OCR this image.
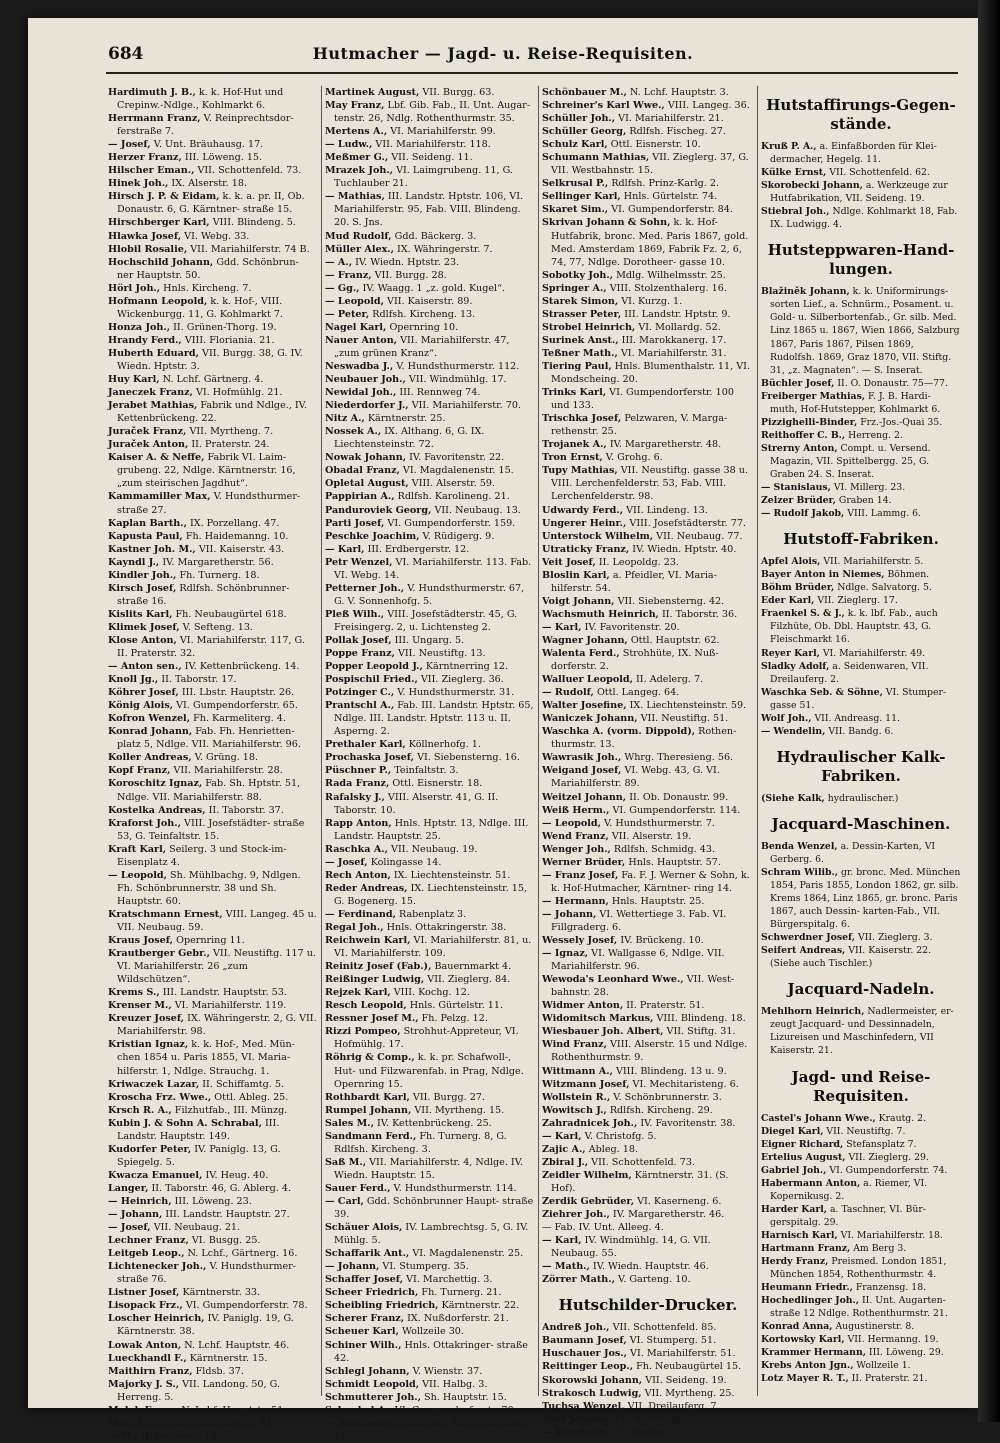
684	Hutmacher — Jagd- u. Reise-Requisiten.

Hardimuth J. B., k. k. Hof-Hut und Crepinw.-Ndlge., Kohlmarkt 6.

Herrmann Franz, V. Reinprechtsdor- ferstraße 7.

— Josef, V. Unt. Bräuhausg. 17.

Herzer Franz, III. Löweng. 15.

Hilscher Eman., VII. Schottenfeld. 73.

Hinek Joh., IX. Alserstr. 18.

Hirsch J. P. & Eidam, k. k. a. pr. II, Ob. Donaustr. 6, G. Kärntner- straße 15.

Hirschberger Karl, VIII. Blindeng. 5.

Hlawka Josef, VI. Webg. 33.

Hlobil Rosalie, VII. Mariahilferstr. 74 B.

Hochschild Johann, Gdd. Schönbrun- ner Hauptstr. 50.

Hörl Joh., Hnls. Kircheng. 7.

Hofmann Leopold, k. k. Hof-, VIII. Wickenburgg. 11, G. Kohlmarkt 7.

Honza Joh., II. Grünen-Thorg. 19.

Hrandy Ferd., VIII. Floriania. 21.

Huberth Eduard, VII. Burgg. 38, G. IV. Wiedn. Hptstr. 3.

Huy Karl, N. Lchf. Gärtnerg. 4.

Janeczek Franz, VI. Hofmühlg. 21.

Jerabet Mathias, Fabrik und Ndlge., IV. Kettenbrückeng. 22.

Juraček Franz, VII. Myrtheng. 7.

Juraček Anton, II. Praterstr. 24.

Kaiser A. & Neffe, Fabrik VI. Laim- grubeng. 22, Ndlge. Kärntnerstr. 16, „zum steirischen Jagdhut“.

Kammamiller Max, V. Hundsthurmer- straße 27.

Kaplan Barth., IX. Porzellang. 47.

Kapusta Paul, Fh. Haidemanng. 10.

Kastner Joh. M., VII. Kaiserstr. 43.

Kayndl J., IV. Margaretherstr. 56.

Kindler Joh., Fh. Turnerg. 18.

Kirsch Josef, Rdlfsh. Schönbrunner- straße 16.

Kislits Karl, Fh. Neubaugürtel 618.

Klimek Josef, V. Sefteng. 13.

Klose Anton, VI. Mariahilferstr. 117, G. II. Praterstr. 32.

— Anton sen., IV. Kettenbrückeng. 14.

Knoll Jg., II. Taborstr. 17.

Köhrer Josef, III. Lbstr. Hauptstr. 26.

König Alois, VI. Gumpendorferstr. 65.

Kofron Wenzel, Fh. Karmeliterg. 4.

Konrad Johann, Fab. Fh. Henrietten- platz 5, Ndlge. VII. Mariahilferstr. 96.

Koller Andreas, V. Grüng. 18.

Kopf Franz, VII. Mariahilferstr. 28.

Koroschitz Ignaz, Fab. Sh. Hptstr. 51, Ndlge. VII. Mariahilferstr. 88.

Kostelka Andreas, II. Taborstr. 37.

Kraforst Joh., VIII. Josefstädter- straße 53, G. Teinfaltstr. 15.

Kraft Karl, Seilerg. 3 und Stock-im- Eisenplatz 4.

— Leopold, Sh. Mühlbachg. 9, Ndlgen. Fh. Schönbrunnerstr. 38 und Sh. Hauptstr. 60.

Kratschmann Ernest, VIII. Langeg. 45 u. VII. Neubaug. 59.

Kraus Josef, Opernring 11.

Krautberger Gebr., VII. Neustiftg. 117 u. VI. Mariahilferstr. 26 „zum Wildschützen“.

Krems S., III. Landstr. Hauptstr. 53.

Krenser M., VI. Mariahilferstr. 119.

Kreuzer Josef, IX. Währingerstr. 2, G. VII. Mariahilferstr. 98.

Kristian Ignaz, k. k. Hof-, Med. Mün- chen 1854 u. Paris 1855, VI. Maria- hilferstr. 1, Ndlge. Strauchg. 1.

Kriwaczek Lazar, II. Schiffamtg. 5.

Kroscha Frz. Wwe., Ottl. Ableg. 25.

Krsch R. A., Filzhutfab., III. Münzg.

Kubin J. & Sohn A. Schrabal, III. Landstr. Hauptstr. 149.

Kudorfer Peter, IV. Paniglg. 13, G. Spiegelg. 5.

Kwacza Emanuel, IV. Heug. 40.

Langer, II. Taborstr. 46, G. Ablerg. 4.

— Heinrich, III. Löweng. 23.

— Johann, III. Landstr. Hauptstr. 27.

— Josef, VII. Neubaug. 21.

Lechner Franz, VI. Busgg. 25.

Leitgeb Leop., N. Lchf., Gärtnerg. 16.

Lichtenecker Joh., V. Hundsthurmer- straße 76.

Listner Josef, Kärntnerstr. 33.

Lisopack Frz., VI. Gumpendorferstr. 78.

Loscher Heinrich, IV. Paniglg. 19, G. Kärntnerstr. 38.

Lowak Anton, N. Lchf. Hauptstr. 46.

Lueckhandl F., Kärntnerstr. 15.

Maithirn Franz, Fldsb. 37.

Majorky J. S., VII. Landong. 50, G. Herreng. 5.

Malek Franz, N. Lchf. Hauptstr. 51.

Maly Jg., V. Hundsthurmerstr. 61.

— M., II. Praterstr. 14.

Martinek August, VII. Burgg. 63.

May Franz, Lbf. Gib. Fab., II. Unt. Augar- tenstr. 26, Ndlg. Rothenthurmstr. 35.

Mertens A., VI. Mariahilferstr. 99.

— Ludw., VII. Mariahilferstr. 118.

Meßmer G., VII. Seideng. 11.

Mrazek Joh., VI. Laimgrubeng. 11, G. Tuchlauber 21.

— Mathias, III. Landstr. Hptstr. 106, VI. Mariahilferstr. 95, Fab. VIII. Blindeng. 20. S. Jns.

Mud Rudolf, Gdd. Bäckerg. 3.

Müller Alex., IX. Währingerstr. 7.

— A., IV. Wiedn. Hptstr. 23.

— Franz, VII. Burgg. 28.

— Gg., IV. Waagg. 1 „z. gold. Kugel“.

— Leopold, VII. Kaiserstr. 89.

— Peter, Rdlfsh. Kircheng. 13.

Nagel Karl, Opernring 10.

Nauer Anton, VII. Mariahilferstr. 47, „zum grünen Kranz“.

Neswadba J., V. Hundsthurmerstr. 112.

Neubauer Joh., VII. Windmühlg. 17.

Newidal Joh., III. Rennweg 74.

Niederdorfer J., VII. Mariahilferstr. 70.

Nitz A., Kärntnerstr. 25.

Nossek A., IX. Althang. 6, G. IX. Liechtensteinstr. 72.

Nowak Johann, IV. Favoritenstr. 22.

Obadal Franz, VI. Magdalenenstr. 15.

Opletal August, VIII. Alserstr. 59.

Pappirian A., Rdlfsh. Karolineng. 21.

Panduroviek Georg, VII. Neubaug. 13.

Parti Josef, VI. Gumpendorferstr. 159.

Peschke Joachim, V. Rüdigerg. 9.

— Karl, III. Erdbergerstr. 12.

Petr Wenzel, VI. Mariahilferstr. 113. Fab. VI. Webg. 14.

Petterner Joh., V. Hundsthurmerstr. 67, G. V. Sonnenhofg. 5.

Pleß Wilh., VIII. Josefstädterstr. 45, G. Freisingerg. 2, u. Lichtensteg 2.

Pollak Josef, III. Ungarg. 5.

Poppe Franz, VII. Neustiftg. 13.

Popper Leopold J., Kärntnerring 12.

Pospischil Fried., VII. Zieglerg. 36.

Potzinger C., V. Hundsthurmerstr. 31.

Prantschl A., Fab. III. Landstr. Hptstr. 65, Ndlge. III. Landstr. Hptstr. 113 u. II. Asperng. 2.

Prethaler Karl, Köllnerhofg. 1.

Prochaska Josef, VI. Siebensterng. 16.

Püschner P., Teinfaltstr. 3.

Rada Franz, Ottl. Eisnerstr. 18.

Rafalsky J., VIII. Alserstr. 41, G. II. Taborstr. 10.

Rapp Anton, Hnls. Hptstr. 13, Ndlge. III. Landstr. Hauptstr. 25.

Raschka A., VII. Neubaug. 19.

— Josef, Kolingasse 14.

Rech Anton, IX. Liechtensteinstr. 51.

Reder Andreas, IX. Liechtensteinstr. 15, G. Bogenerg. 15.

— Ferdinand, Rabenplatz 3.

Regal Joh., Hnls. Ottakringerstr. 38.

Reichwein Karl, VI. Mariahilferstr. 81, u. VI. Mariahilferstr. 109.

Reinitz Josef (Fab.), Bauernmarkt 4.

Reißinger Ludwig, VII. Zieglerg. 84.

Rejzek Karl, VIII. Kochg. 12.

Resch Leopold, Hnls. Gürtelstr. 11.

Ressner Josef M., Fh. Pelzg. 12.

Rizzi Pompeo, Strohhut-Appreteur, VI. Hofmühlg. 17.

Röhrig & Comp., k. k. pr. Schafwoll-, Hut- und Filzwarenfab. in Prag, Ndlge. Opernring 15.

Rothbardt Karl, VII. Burgg. 27.

Rumpel Johann, VII. Myrtheng. 15.

Sales M., IV. Kettenbrückeng. 25.

Sandmann Ferd., Fh. Turnerg. 8, G. Rdlfsh. Kircheng. 3.

Saß M., VII. Mariahilferstr. 4, Ndlge. IV. Wiedn. Hauptstr. 15.

Sauer Ferd., V. Hundsthurmerstr. 114.

— Carl, Gdd. Schönbrunner Haupt- straße 39.

Schäuer Alois, IV. Lambrechtsg. 5, G. IV. Mühlg. 5.

Schaffarik Ant., VI. Magdalenenstr. 25.

— Johann, VI. Stumperg. 35.

Schaffer Josef, VI. Marchettig. 3.

Scheer Friedrich, Fh. Turnerg. 21.

Scheibling Friedrich, Kärntnerstr. 22.

Scherer Franz, IX. Nußdorferstr. 21.

Scheuer Karl, Wollzeile 30.

Schiner Wilh., Hnls. Ottakringer- straße 42.

Schlegl Johann, V. Wienstr. 37.

Schmidt Leopold, VII. Halbg. 3.

Schmutterer Joh., Sh. Hauptstr. 15.

Schnabel A., VI. Gumpendorferstr. 70.

— Alexander, Seitzhütte, VIII. Piaristeng. 41.

Schönbauer M., N. Lchf. Hauptstr. 3.

Schreiner's Karl Wwe., VIII. Langeg. 36.

Schüller Joh., VI. Mariahilferstr. 21.

Schüller Georg, Rdlfsh. Fischeg. 27.

Schulz Karl, Ottl. Eisnerstr. 10.

Schumann Mathias, VII. Zieglerg. 37, G. VII. Westbahnstr. 15.

Selkrusal P., Rdlfsh. Prinz-Karlg. 2.

Sellinger Karl, Hnls. Gürtelstr. 74.

Skaret Sim., VI. Gumpendorferstr. 84.

Skrivan Johann & Sohn, k. k. Hof- Hutfabrik, bronc. Med. Paris 1867, gold. Med. Amsterdam 1869, Fabrik Fz. 2, 6, 74, 77, Ndlge. Dorotheer- gasse 10.

Sobotky Joh., Mdlg. Wilhelmsstr. 25.

Springer A., VIII. Stolzenthalerg. 16.

Starek Simon, VI. Kurzg. 1.

Strasser Peter, III. Landstr. Hptstr. 9.

Strobel Heinrich, VI. Mollardg. 52.

Surinek Anst., III. Marokkanerg. 17.

Teßner Math., VI. Mariahilferstr. 31.

Tiering Paul, Hnls. Blumenthalstr. 11, VI. Mondscheing. 20.

Trinks Karl, VI. Gumpendorferstr. 100 und 133.

Trischka Josef, Pelzwaren, V. Marga- rethenstr. 25.

Trojanek A., IV. Margaretherstr. 48.

Tron Ernst, V. Grohg. 6.

Tupy Mathias, VII. Neustiftg. gasse 38 u. VIII. Lerchenfelderstr. 53, Fab. VIII. Lerchenfelderstr. 98.

Udwardy Ferd., VII. Lindeng. 13.

Ungerer Heinr., VIII. Josefstädterstr. 77.

Unterstock Wilhelm, VII. Neubaug. 77.

Utraticky Franz, IV. Wiedn. Hptstr. 40.

Veit Josef, II. Leopoldg. 23.

Bloslin Karl, a. Pfeidler, VI. Maria- hilferstr. 54.

Voigt Johann, VII. Siebensterng. 42.

Wachsmuth Heinrich, II. Taborstr. 36.

— Karl, IV. Favoritenstr. 20.

Wagner Johann, Ottl. Hauptstr. 62.

Walenta Ferd., Strohhüte, IX. Nuß- dorferstr. 2.

Walluer Leopold, II. Adelerg. 7.

— Rudolf, Ottl. Langeg. 64.

Walter Josefine, IX. Liechtensteinstr. 59.

Waniczek Johann, VII. Neustiftg. 51.

Waschka A. (vorm. Dippold), Rothen- thurmstr. 13.

Wawrasik Joh., Whrg. Theresieng. 56.

Weigand Josef, VI. Webg. 43, G. VI. Mariahilferstr. 89.

Weitzel Johann, II. Ob. Donaustr. 99.

Weiß Herm., VI. Gumpendorferstr. 114.

— Leopold, V. Hundsthurmerstr. 7.

Wend Franz, VII. Alserstr. 19.

Wenger Joh., Rdlfsh. Schmidg. 43.

Werner Brüder, Hnls. Hauptstr. 57.

— Franz Josef, Fa. F. J. Werner & Sohn, k. k. Hof-Hutmacher, Kärntner- ring 14.

— Hermann, Hnls. Hauptstr. 25.

— Johann, VI. Wettertiege 3. Fab. VI. Fillgraderg. 6.

Wessely Josef, IV. Brückeng. 10.

— Ignaz, VI. Wallgasse 6, Ndlge. VII. Mariahilferstr. 96.

Wewoda's Leonhard Wwe., VII. West- bahnstr. 28.

Widmer Anton, II. Praterstr. 51.

Widomitsch Markus, VIII. Blindeng. 18.

Wiesbauer Joh. Albert, VII. Stiftg. 31.

Wind Franz, VIII. Alserstr. 15 und Ndlge. Rothenthurmstr. 9.

Wittmann A., VIII. Blindeng. 13 u. 9.

Witzmann Josef, VI. Mechitaristeng. 6.

Wollstein R., V. Schönbrunnerstr. 3.

Wowitsch J., Rdlfsh. Kircheng. 29.

Zahradnicek Joh., IV. Favoritenstr. 38.

— Karl, V. Christofg. 5.

Zajic A., Ableg. 18.

Zbiral J., VII. Schottenfeld. 73.

Zeidler Wilhelm, Kärntnerstr. 31. (S. Hof).

Zerdik Gebrüder, VI. Kaserneng. 6.

Ziehrer Joh., IV. Margaretherstr. 46.

— Fab. IV. Unt. Alleeg. 4.

— Karl, IV. Windmühlg. 14, G. VII. Neubaug. 55.

— Math., IV. Wiedn. Hauptstr. 46.

Zörrer Math., V. Garteng. 10.

Hutschilder-Drucker.

Andreß Joh., VII. Schottenfeld. 85.

Baumann Josef, VI. Stumperg. 51.

Huschauer Jos., VI. Mariahilferstr. 51.

Reittinger Leop., Fh. Neubaugürtel 15.

Skorowski Johann, VII. Seideng. 19.

Strakosch Ludwig, VII. Myrtheng. 25.

Tuchsa Wenzel, VII. Dreilauferg. 7.

Wolf Johann, VII. Andreasg. 11.

— Wendelin, VII. Bandg. 6.

Hutstaffirungs-Gegen-stände.

Kruß P. A., a. Einfaßborden für Klei- dermacher, Hegelg. 11.

Külke Ernst, VII. Schottenfeld. 62.

Skorobecki Johann, a. Werkzeuge zur Hutfabrikation, VII. Seideng. 19.

Stiebral Joh., Ndlge. Kohlmarkt 18, Fab. IX. Ludwigg. 4.

Hutsteppwaren-Hand-lungen.

Blažiněk Johann, k. k. Uniformirungs- sorten Lief., a. Schnürm., Posament. u. Gold- u. Silberbortenfab., Gr. silb. Med. Linz 1865 u. 1867, Wien 1866, Salzburg 1867, Paris 1867, Pilsen 1869, Rudolfsh. 1869, Graz 1870, VII. Stiftg. 31, „z. Magnaten“. — S. Inserat.

Büchler Josef, II. O. Donaustr. 75—77.

Freiberger Mathias, F. J. B. Hardi- muth, Hof-Hutstepper, Kohlmarkt 6.

Pizzighelli-Binder, Frz.-Jos.-Quai 35.

Reithoffer C. B., Herreng. 2.

Strerny Anton, Compt. u. Versend. Magazin, VII. Spittelbergg. 25, G. Graben 24. S. Inserat.

— Stanislaus, VI. Millerg. 23.

Zelzer Brüder, Graben 14.

— Rudolf Jakob, VIII. Lammg. 6.

Hutstoff-Fabriken.

Apfel Alois, VII. Mariahilferstr. 5.

Bayer Anton in Niemes, Böhmen.

Böhm Brüder, Ndlge. Salvatorg. 5.

Eder Karl, VII. Zieglerg. 17.

Fraenkel S. & J., k. k. lbf. Fab., auch Filzhüte, Ob. Dbl. Hauptstr. 43, G. Fleischmarkt 16.

Reyer Karl, VI. Mariahilferstr. 49.

Sladky Adolf, a. Seidenwaren, VII. Dreilauferg. 2.

Waschka Seb. & Söhne, VI. Stumper- gasse 51.

Wolf Joh., VII. Andreasg. 11.

— Wendelin, VII. Bandg. 6.

Hydraulischer Kalk-Fabriken.

(Siehe Kalk, hydraulischer.)

Jacquard-Maschinen.

Benda Wenzel, a. Dessin-Karten, VI Gerberg. 6.

Schram Wilib., gr. bronc. Med. München 1854, Paris 1855, London 1862, gr. silb. Krems 1864, Linz 1865, gr. bronc. Paris 1867, auch Dessin- karten-Fab., VII. Bürgerspitalg. 6.

Schwerdner Josef, VII. Zieglerg. 3.

Seifert Andreas, VII. Kaiserstr. 22. (Siehe auch Tischler.)

Jacquard-Nadeln.

Mehlhorn Heinrich, Nadlermeister, er- zeugt Jacquard- und Dessinnadeln, Lizureisen und Maschinfedern, VII Kaiserstr. 21.

Jagd- und Reise-Requisiten.

Castel's Johann Wwe., Krautg. 2.

Diegel Karl, VII. Neustiftg. 7.

Eigner Richard, Stefansplatz 7.

Ertelius August, VII. Zieglerg. 29.

Gabriel Joh., VI. Gumpendorferstr. 74.

Habermann Anton, a. Riemer, VI. Kopernikusg. 2.

Harder Karl, a. Taschner, VI. Bür- gerspitalg. 29.

Harnisch Karl, VI. Mariahilferstr. 18.

Hartmann Franz, Am Berg 3.

Herdy Franz, Preismed. London 1851, München 1854, Rothenthurmstr. 4.

Heumann Friedr., Franzensg. 18.

Hochedlinger Joh., II. Unt. Augarten- straße 12 Ndlge. Rothenthurmstr. 21.

Konrad Anna, Augustinerstr. 8.

Kortowsky Karl, VII. Hermanng. 19.

Krammer Hermann, III. Löweng. 29.

Krebs Anton Jgn., Wollzeile 1.

Lotz Mayer R. T., II. Praterstr. 21.
